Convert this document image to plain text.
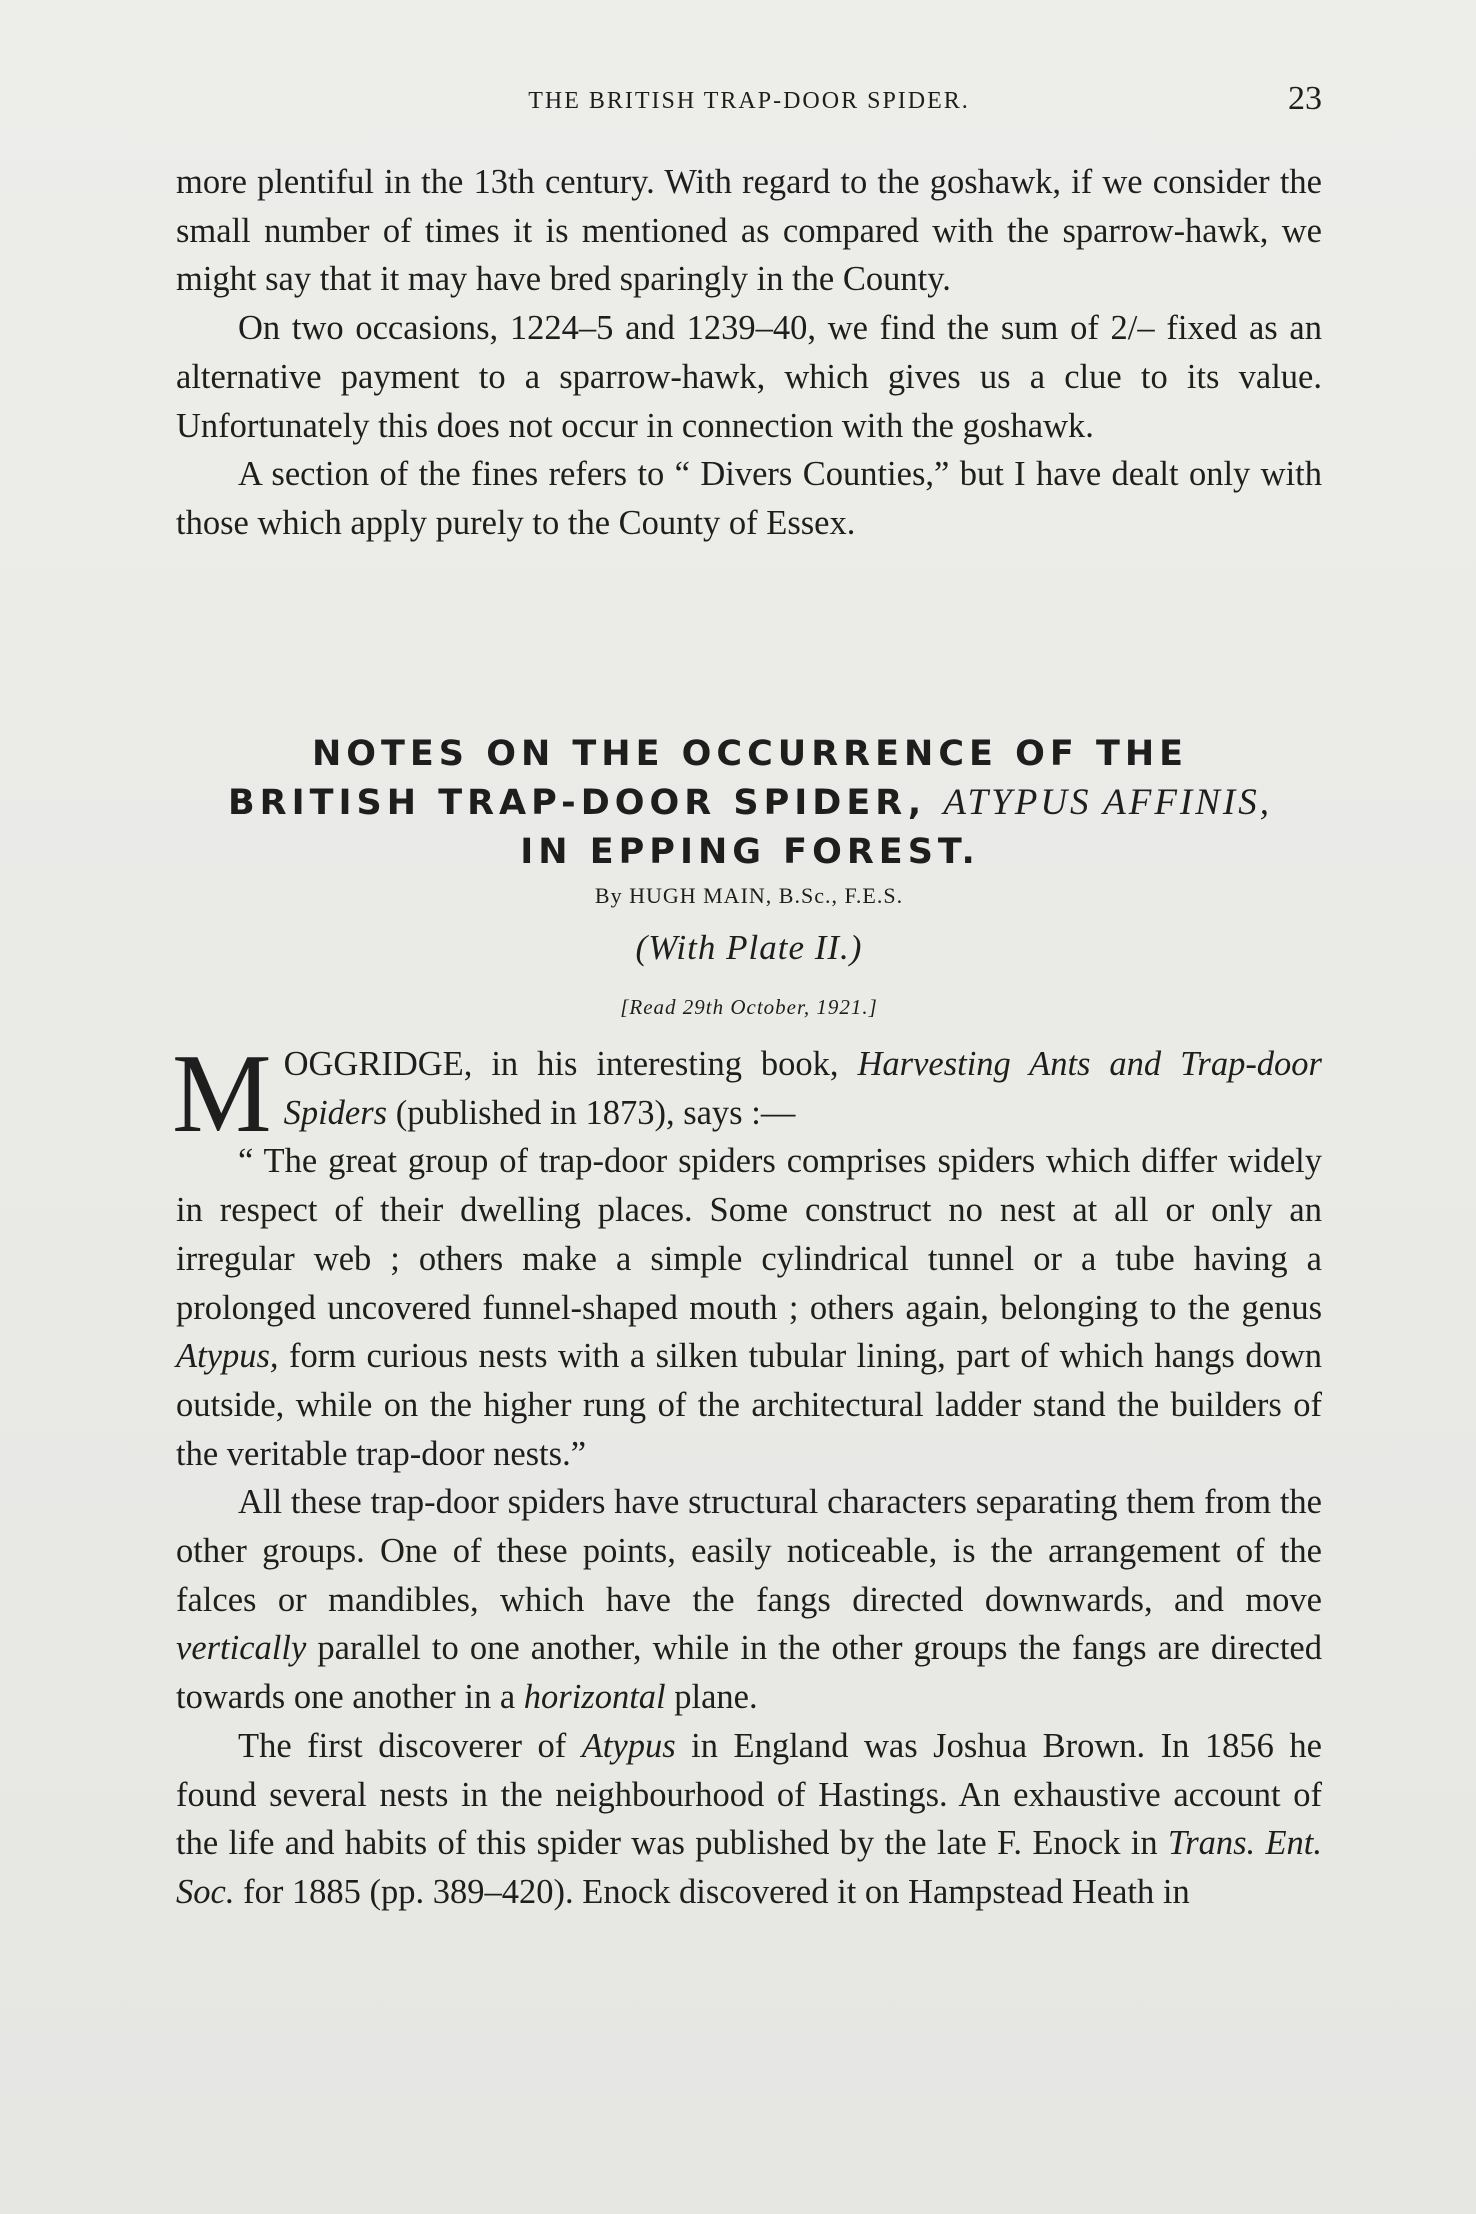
THE BRITISH TRAP-DOOR SPIDER.	23

more plentiful in the 13th century. With regard to the goshawk, if we consider the small number of times it is mentioned as compared with the sparrow-hawk, we might say that it may have bred sparingly in the County.

On two occasions, 1224–5 and 1239–40, we find the sum of 2/– fixed as an alternative payment to a sparrow-hawk, which gives us a clue to its value. Unfortunately this does not occur in connection with the goshawk.

A section of the fines refers to “ Divers Counties,” but I have dealt only with those which apply purely to the County of Essex.

NOTES ON THE OCCURRENCE OF THE
BRITISH TRAP-DOOR SPIDER, ATYPUS AFFINIS,
IN EPPING FOREST.
By HUGH MAIN, B.Sc., F.E.S.
(With Plate II.)
[Read 29th October, 1921.]

MOGGRIDGE, in his interesting book, Harvesting Ants and Trap-door Spiders (published in 1873), says :—

“ The great group of trap-door spiders comprises spiders which differ widely in respect of their dwelling places. Some construct no nest at all or only an irregular web ; others make a simple cylindrical tunnel or a tube having a prolonged uncovered funnel-shaped mouth ; others again, belonging to the genus Atypus, form curious nests with a silken tubular lining, part of which hangs down outside, while on the higher rung of the architectural ladder stand the builders of the veritable trap-door nests.”

All these trap-door spiders have structural characters separating them from the other groups. One of these points, easily noticeable, is the arrangement of the falces or mandibles, which have the fangs directed downwards, and move vertically parallel to one another, while in the other groups the fangs are directed towards one another in a horizontal plane.

The first discoverer of Atypus in England was Joshua Brown. In 1856 he found several nests in the neighbourhood of Hastings. An exhaustive account of the life and habits of this spider was published by the late F. Enock in Trans. Ent. Soc. for 1885 (pp. 389–420). Enock discovered it on Hampstead Heath in
